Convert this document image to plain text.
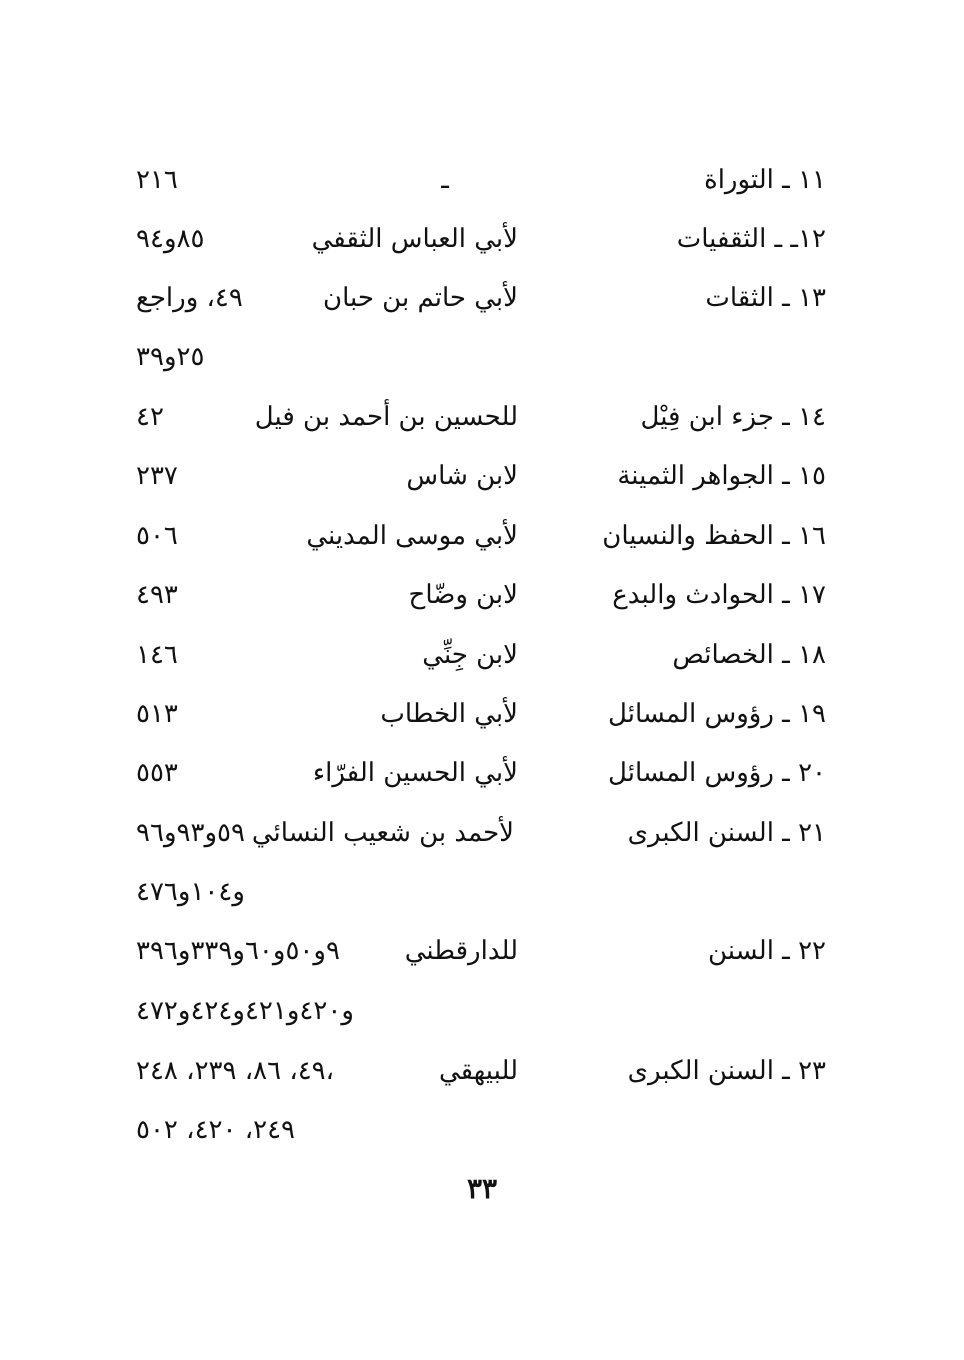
١١ ـ التوراة
ـ
٢١٦
١٢ـ ـ الثقفيات
لأبي العباس الثقفي
٨٥و٩٤
١٣ ـ الثقات
لأبي حاتم بن حبان
٤٩، وراجع
٢٥و٣٩
١٤ ـ جزء ابن فِيْل
للحسين بن أحمد بن فيل
٤٢
١٥ ـ الجواهر الثمينة
لابن شاس
٢٣٧
١٦ ـ الحفظ والنسيان
لأبي موسى المديني
٥٠٦
١٧ ـ الحوادث والبدع
لابن وضّاح
٤٩٣
١٨ ـ الخصائص
لابن جِنِّي
١٤٦
١٩ ـ رؤوس المسائل
لأبي الخطاب
٥١٣
٢٠ ـ رؤوس المسائل
لأبي الحسين الفرّاء
٥٥٣
٢١ ـ السنن الكبرى
لأحمد بن شعيب النسائي
٥٩و٩٣و٩٦
و١٠٤و٤٧٦
٢٢ ـ السنن
للدارقطني
٩و٥٠و٦٠و٣٣٩و٣٩٦
و٤٢٠و٤٢١و٤٢٤و٤٧٢
٢٣ ـ السنن الكبرى
للبيهقي
٤٩، ٨٦، ٢٣٩، ٢٤٨،
٢٤٩، ٤٢٠، ٥٠٢
٣٣
